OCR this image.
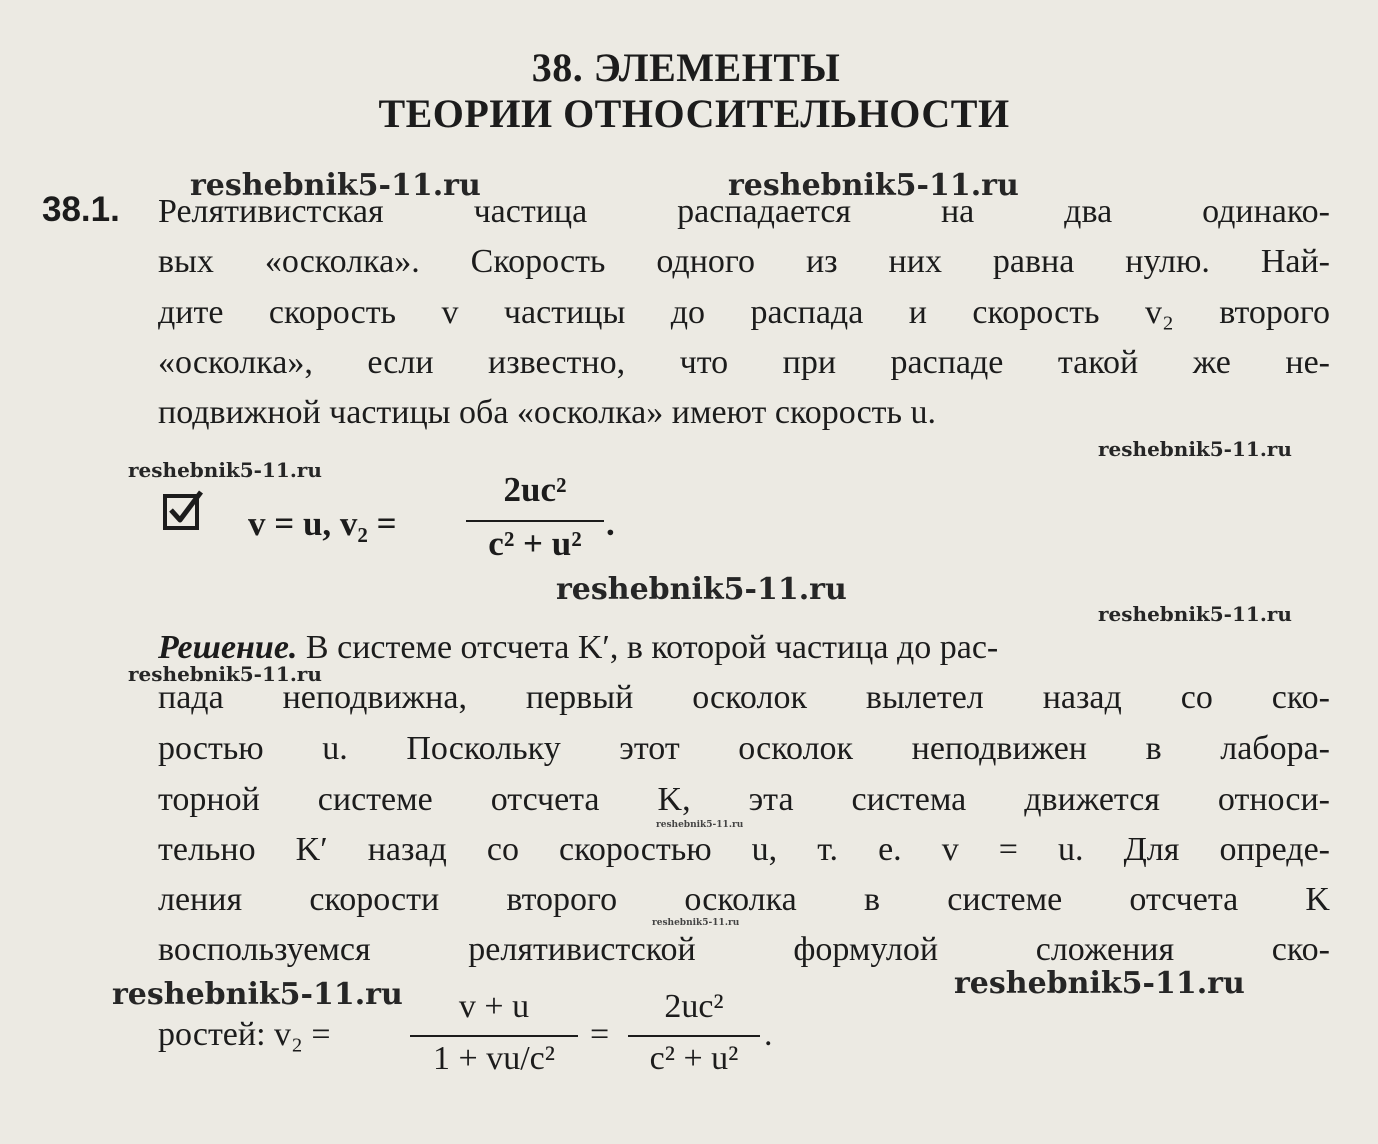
38. ЭЛЕМЕНТЫ
ТЕОРИИ ОТНОСИТЕЛЬНОСТИ
reshebnik5-11.ru	reshebnik5-11.ru
reshebnik5-11.ru
reshebnik5-11.ru
reshebnik5-11.ru
reshebnik5-11.ru
reshebnik5-11.ru
reshebnik5-11.ru
reshebnik5-11.ru
reshebnik5-11.ru	reshebnik5-11.ru
38.1. Релятивистская частица распадается на два одинако-
вых «осколка». Скорость одного из них равна нулю. Най-
дите скорость v частицы до распада и скорость v₂ второго
«осколка», если известно, что при распаде такой же не-
подвижной частицы оба «осколка» имеют скорость u.
v = u, v₂ =
2uc²
c² + u²
.
Решение. В системе отсчета K′, в которой частица до рас-
пада неподвижна, первый осколок вылетел назад со ско-
ростью u. Поскольку этот осколок неподвижен в лабора-
торной системе отсчета K, эта система движется относи-
тельно K′ назад со скоростью u, т. е. v = u. Для опреде-
ления скорости второго осколка в системе отсчета K
воспользуемся релятивистской формулой сложения ско-
ростей: v₂ =
v + u
1 + vu/c²
=
2uc²
c² + u²
.
